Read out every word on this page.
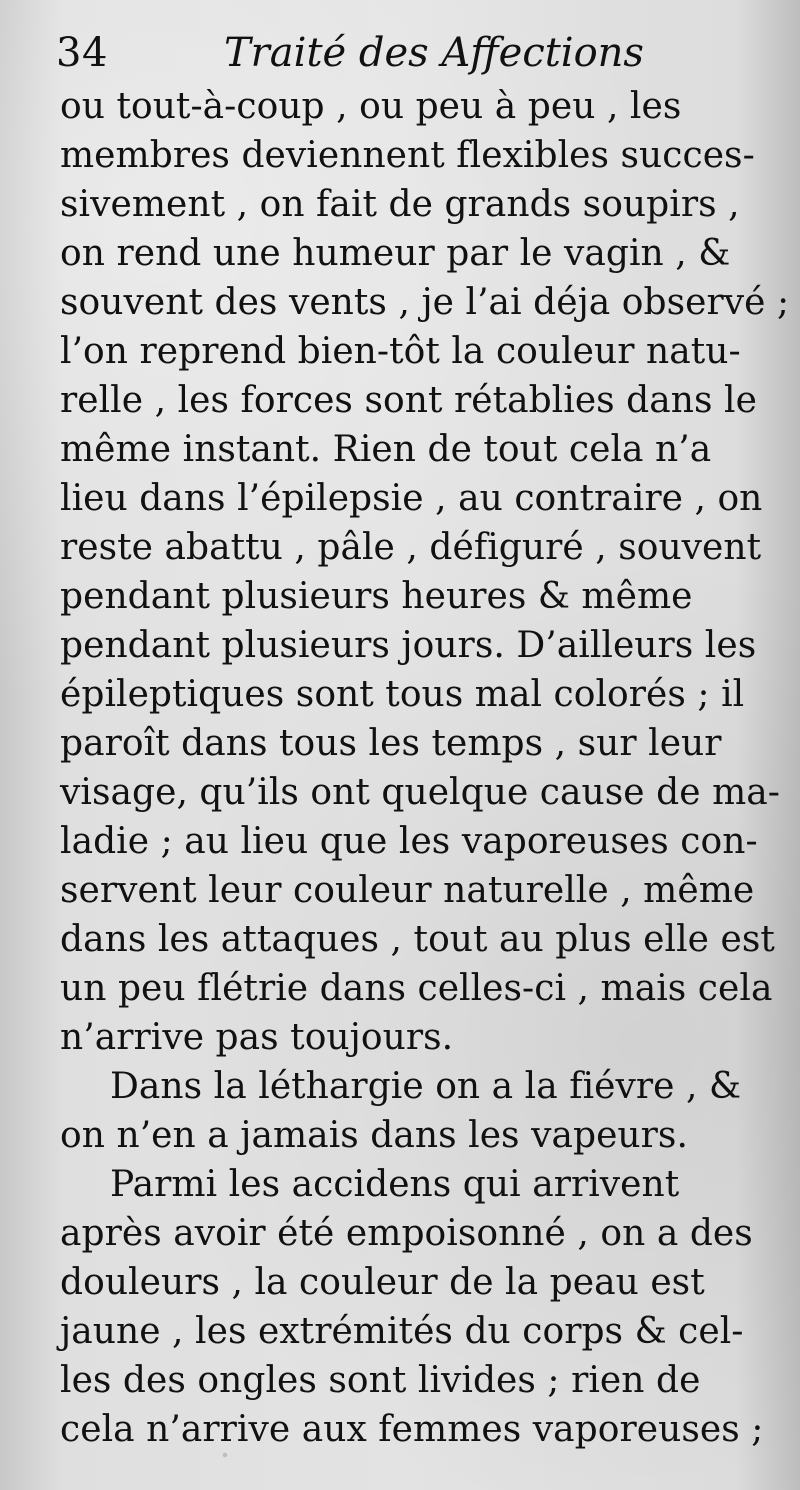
34	Traité des Affections
ou tout-à-coup , ou peu à peu , les
membres deviennent flexibles succes-
sivement , on fait de grands soupirs ,
on rend une humeur par le vagin , &
souvent des vents , je l’ai déja observé ;
l’on reprend bien-tôt la couleur natu-
relle , les forces sont rétablies dans le
même instant. Rien de tout cela n’a
lieu dans l’épilepsie , au contraire , on
reste abattu , pâle , défiguré , souvent
pendant plusieurs heures & même
pendant plusieurs jours. D’ailleurs les
épileptiques sont tous mal colorés ; il
paroît dans tous les temps , sur leur
visage, qu’ils ont quelque cause de ma-
ladie ; au lieu que les vaporeuses con-
servent leur couleur naturelle , même
dans les attaques , tout au plus elle est
un peu flétrie dans celles-ci , mais cela
n’arrive pas toujours.
Dans la léthargie on a la fiévre , &
on n’en a jamais dans les vapeurs.
Parmi les accidens qui arrivent
après avoir été empoisonné , on a des
douleurs , la couleur de la peau est
jaune , les extrémités du corps & cel-
les des ongles sont livides ; rien de
cela n’arrive aux femmes vaporeuses ;
